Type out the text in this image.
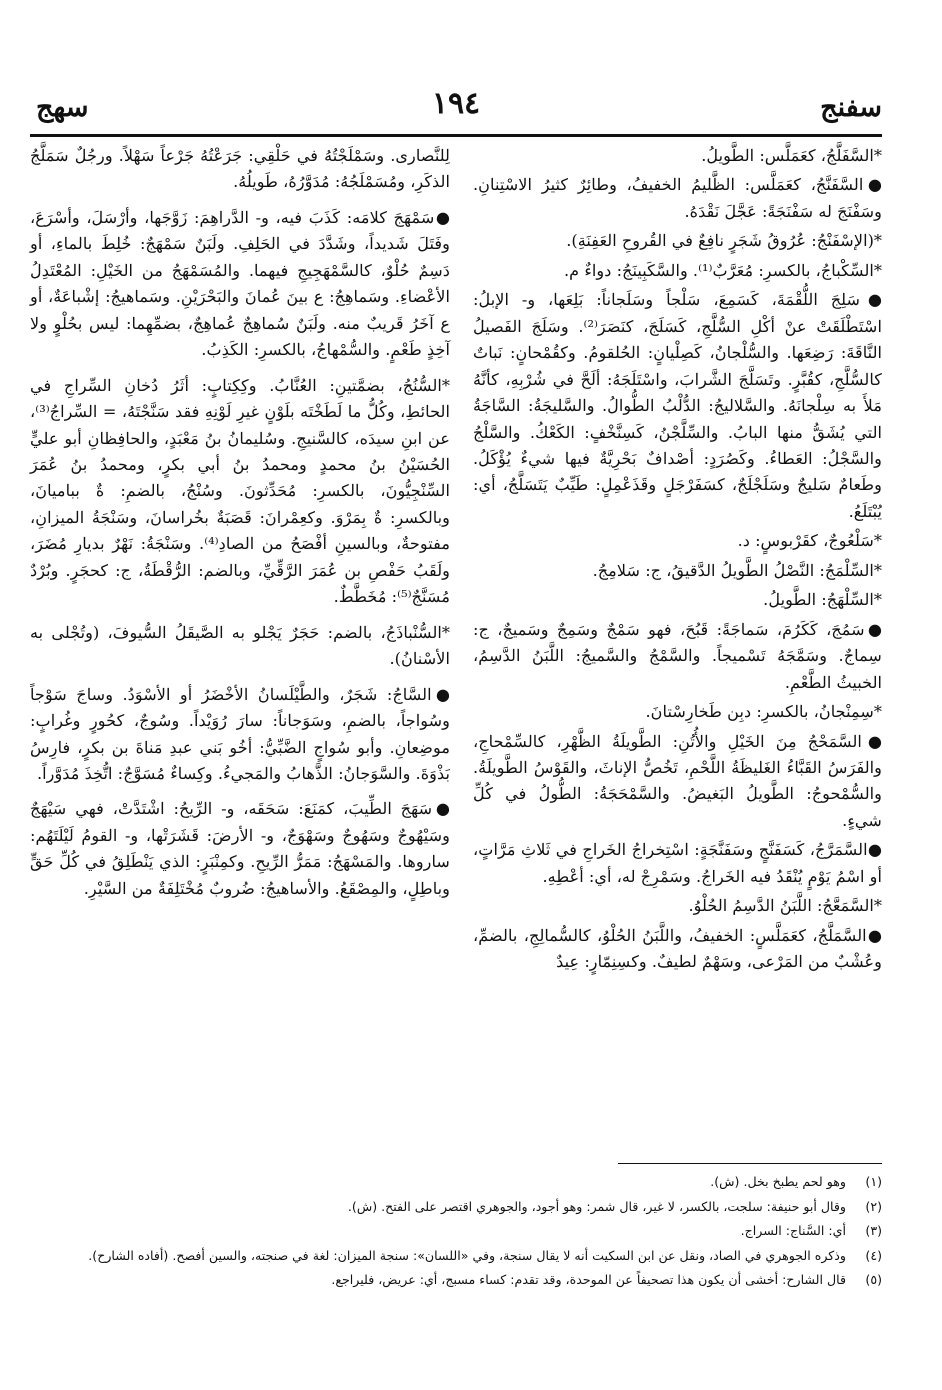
سفنج
١٩٤
سهج

*السَّفَلَّجُ، كعَمَلَّس: الطَّويلُ.

●السَّفَنَّجُ، كعَمَلَّس: الظَّليمُ الخفيفُ، وطائِرٌ كثيرُ الاسْتِنانِ. وسَفْنَجَ له سَفْنَجَةً: عَجَّلَ نَقْدَهُ.

*(الإسْفَنْجُ: عُرُوقُ شَجَرٍ نافِعٌ في القُروحِ العَفِنَةِ).

*السِّكْباجُ، بالكسرِ: مُعَرَّبٌ⁽¹⁾. والسَّكَبِينَجُ: دواءٌ م.

●سَلِجَ اللُّقْمَةَ، كَسَمِعَ، سَلْجاً وسَلَجاناً: بَلِعَها، و- الإبلُ: اسْتَطْلَقَتْ عنْ أكْلِ السُّلَّجِ، كَسَلَجَ، كنَصَرَ⁽²⁾. وسَلَجَ الفَصيلُ النَّاقَةَ: رَضِعَها. والسُّلْجانُ، كَصِلْيانٍ: الحُلقومُ. وكقُمْحانٍ: نَباتٌ كالسُّلَّجِ، كقُبَّرٍ. وتَسَلَّجَ الشَّرابَ، واسْتَلَجَهُ: ألَحَّ في شُرْبِهِ، كأنَّهُ مَلأَ به سِلْجانَهُ. والسَّلاليجُ: الدُّلْبُ الطُّوالُ. والسَّليجَةُ: السَّاجَةُ التي يُشَقُّ منها البابُ. والسِّلَّجْنُ، كَسِنَّخْفٍ: الكَعْكُ. والسَّلْجُ والسَّجْلُ: العَطاءُ. وكَصُرَدٍ: أصْدافٌ بَحْرِيَّةٌ فيها شيءٌ يُؤْكَلُ. وطَعامٌ سَليجٌ وسَلَجْلَجٌ، كسَفَرْجَلٍ وقَذَعْمِلٍ: طَيِّبٌ يَتَسَلَّجُ، أي: يُبْتَلَعُ.

*سَلْعُوجٌ، كقَرْبوسٍ: د.

*السِّلْمَجُ: النَّصْلُ الطَّويلُ الدَّقيقُ، ج: سَلامِجُ.

*السِّلْهَجُ: الطَّويلُ.

●سَمُجَ، كَكَرُمَ، سَماجَةً: قَبُحَ، فهو سَمْجٌ وسَمِجٌ وسَميجٌ، ج: سِماجٌ. وسَمَّجَهُ تَسْميجاً. والسَّمْجُ والسَّميجُ: اللَّبَنُ الدَّسِمُ، الخبيثُ الطَّعْمِ.

*سِمِنْجانُ، بالكسرِ: دبِن طَخارِسْتانَ.

●السَّمَحْجُ مِنَ الخَيْلِ والأُتُنِ: الطَّويلَةُ الظَّهْرِ، كالسِّمْحاجِ، والفَرَسُ القَبَّاءُ الغَليظَةُ اللَّحْمِ، تَخُصُّ الإناثَ، والقَوْسُ الطَّويلَةُ. والسُّمْحوجُ: الطَّويلُ البَغيضُ. والسَّمْحَجَةُ: الطُّولُ في كُلِّ شيءٍ.

●السَّمَرَّجُ، كَسَفَنَّجٍ وسَفَنَّجَةٍ: اسْتِخراجُ الخَراجِ في ثَلاثِ مَرَّاتٍ، أو اسْمُ يَوْمٍ يُنْقَدُ فيه الخَراجُ. وسَمْرِجْ له، أي: أعْطِهِ.

*السَّمَعَّجُ: اللَّبَنُ الدَّسِمُ الحُلْوُ.

●السَّمَلَّجُ، كعَمَلَّسٍ: الخفيفُ، واللَّبَنُ الحُلْوُ، كالسُّمالِجِ، بالضمِّ، وعُشْبٌ من المَرْعى، وسَهْمٌ لطيفٌ. وكسِنِمّارٍ: عِيدٌ

لِلنَّصارى. وسَمْلَجْتُهُ في حَلْقِي: جَرَعْتُهُ جَرْعاً سَهْلاً. ورجُلٌ سَمَلَّجُ الذكَرِ، ومُسَمْلَجُهُ: مُدَوَّرُهُ، طَويلُهُ.

●سَمْهَجَ كلامَه: كَذَبَ فيه، و- الدَّراهِمَ: زَوَّجَها، وأرْسَلَ، وأسْرَعَ، وفَتَلَ شَديداً، وشَدَّدَ في الحَلِفِ. ولَبَنٌ سَمْهَجٌ: خُلِطَ بالماءِ، أو دَسِمٌ حُلْوٌ، كالسَّمْهَجِيجِ فيهما. والمُسَمْهَجُ من الخَيْلِ: المُعْتَدِلُ الأعْضاءِ. وسَماهِجُ: ع بينَ عُمانَ والبَحْرَيْنِ. وسَماهيجُ: إشْباعَةٌ، أو ع آخَرُ قَريبٌ منه. ولَبَنٌ سُماهِجٌ عُماهِجٌ، بضمِّهِما: ليس بحُلْوٍ ولا آخِذٍ طَعْمٍ. والسُّمْهاجُ، بالكسرِ: الكَذِبُ.

*السُّنُجُ، بضمَّتينِ: العُنَّابُ. وكِكِتابٍ: أثَرُ دُخانِ السِّراجِ في الحائطِ، وكُلُّ ما لَطَخْتَه بلَوْنٍ غيرِ لَوْنِهِ فقد سَنَّجْتَهُ، = السِّراجُ⁽³⁾، عن ابنِ سيدَه، كالسَّنيجِ. وسُليمانُ بنُ مَعْبَدٍ، والحافِظانِ أبو عليٍّ الحُسَيْنُ بنُ محمدٍ ومحمدُ بنُ أبي بكرٍ، ومحمدُ بنُ عُمَرَ السِّنْجِيُّونَ، بالكسرِ: مُحَدِّثونَ. وسُنْجُ، بالضمِ: ةٌ بباميانَ، وبالكسرِ: ةٌ بِمَرْوَ. وكعِمْرانَ: قَصَبَةٌ بخُراسانَ، وسَنْجَةُ الميزانِ، مفتوحةٌ، وبالسينِ أفْصَحُ من الصادِ⁽⁴⁾. وسَنْجَةُ: نَهْرٌ بديارِ مُضَرَ، ولَقَبُ حَفْصِ بن عُمَرَ الرَّقِّيِّ، وبالضم: الرُّقْطَةُ، ج: كحجَرٍ. وبُرْدٌ مُسَنَّجٌ⁽⁵⁾: مُخَطَّطٌ.

*السُّنْباذَجُ، بالضم: حَجَرٌ يَجْلو به الصَّيقَلُ السُّيوفَ، (وتُجْلى به الأسْنانُ).

●السَّاجُ: شَجَرٌ، والطَّيْلَسانُ الأخْضَرُ أو الأسْوَدُ. وساجَ سَوْجاً وسُواجاً، بالضمِ، وسَوَجاناً: سارَ رُوَيْداً. وسُوجٌ، كحُورٍ وغُرابٍ: موضِعانِ. وأبو سُواجٍ الضَّبِّيُّ: أخُو بَني عبدِ مَناةَ بن بكرٍ، فارِسُ بَذْوَةَ. والسَّوَجانُ: الذَّهابُ والمَجيءُ. وكِساءٌ مُسَوَّجٌ: اتُّخِذَ مُدَوَّراً.

●سَهَجَ الطِّيبَ، كمَنَعَ: سَحَقَه، و- الرِّيحُ: اشْتَدَّتْ، فهي سَيْهَجٌ وسَيْهُوجٌ وسَهُوجٌ وسَهْوَجٌ، و- الأرضَ: قَشَرَتْها، و- القومُ لَيْلَتَهُم: ساروها. والمَسْهَجُ: مَمَرُّ الرِّيحِ. وكمِنْبَرٍ: الذي يَنْطَلِقُ في كُلِّ حَقٍّ وباطِلٍ، والمِصْقَعُ. والأساهيجُ: ضُروبٌ مُخْتَلِفَةٌ من السَّيْرِ.

(١)
وهو لحم يطبخ بخل. (ش).
(٢)
وقال أبو حنيفة: سلجت، بالكسر، لا غير، قال شمر: وهو أجود، والجوهري اقتصر على الفتح. (ش).
(٣)
أي: السَّناج: السراج.
(٤)
وذكره الجوهري في الصاد، ونقل عن ابن السكيت أنه لا يقال سنجة، وفي «اللسان»: سنجة الميزان: لغة في صنجته، والسين أفصح. (أفاده الشارح).
(٥)
قال الشارح: أخشى أن يكون هذا تصحيفاً عن الموحدة، وقد تقدم: كساء مسبج، أي: عريض، فليراجع.
